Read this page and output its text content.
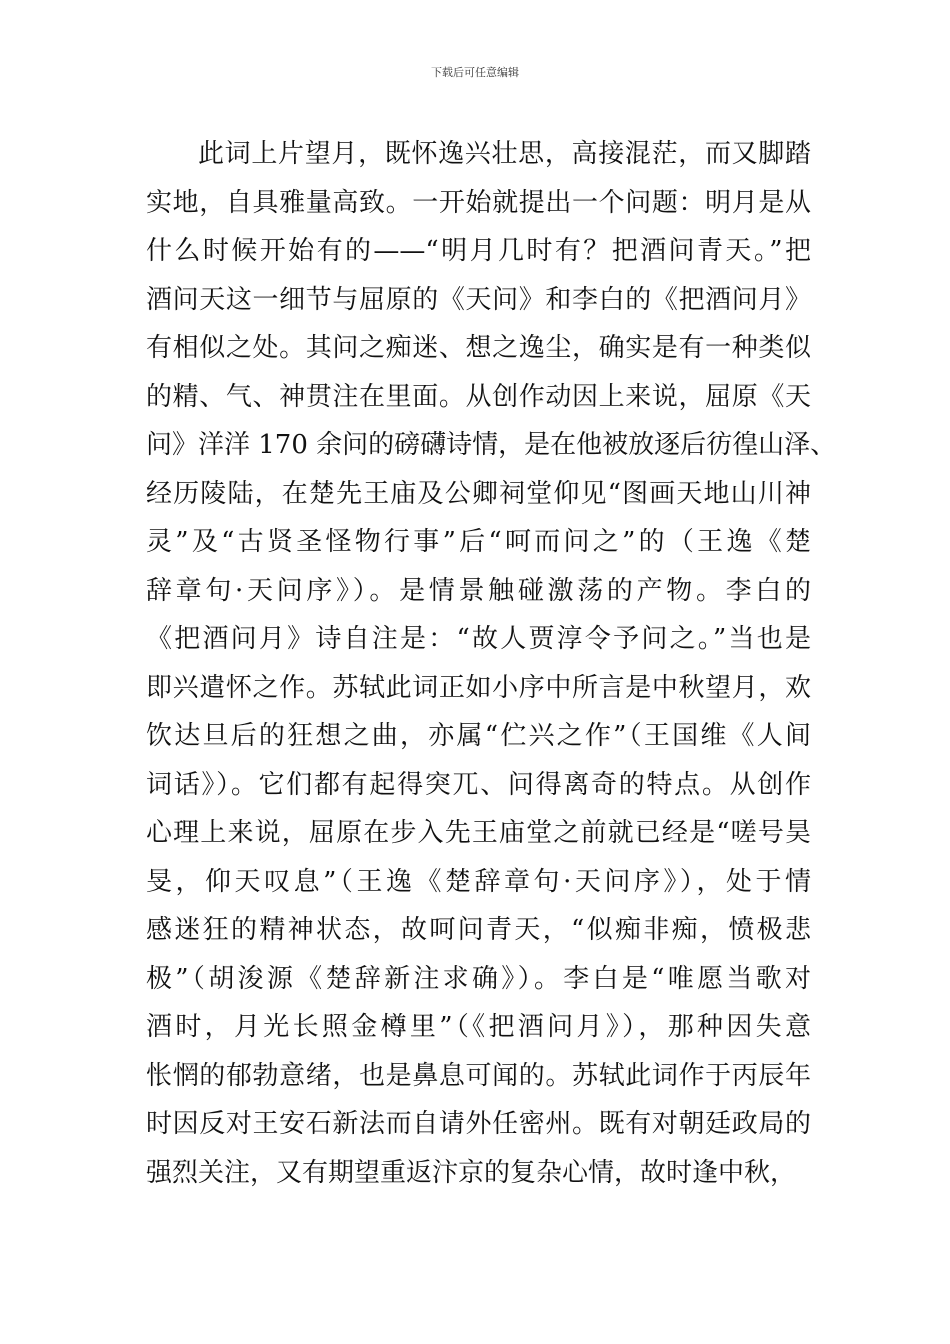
下载后可任意编辑
此词上片望月，既怀逸兴壮思，高接混茫，而又脚踏
实地，自具雅量高致。一开始就提出一个问题：明月是从
什么时候开始有的——“明月几时有？把酒问青天。”把
酒问天这一细节与屈原的《天问》和李白的《把酒问月》
有相似之处。其问之痴迷、想之逸尘，确实是有一种类似
的精、气、神贯注在里面。从创作动因上来说，屈原《天
问》洋洋 170 余问的磅礴诗情，是在他被放逐后彷徨山泽、
经历陵陆，在楚先王庙及公卿祠堂仰见“图画天地山川神
灵”及“古贤圣怪物行事”后“呵而问之”的（王逸《楚
辞章句·天问序》）。是情景触碰激荡的产物。李白的
《把酒问月》诗自注是：“故人贾淳令予问之。”当也是
即兴遣怀之作。苏轼此词正如小序中所言是中秋望月，欢
饮达旦后的狂想之曲，亦属“伫兴之作”（王国维《人间
词话》）。它们都有起得突兀、问得离奇的特点。从创作
心理上来说，屈原在步入先王庙堂之前就已经是“嗟号昊
旻，仰天叹息”（王逸《楚辞章句·天问序》），处于情
感迷狂的精神状态，故呵问青天，“似痴非痴，愤极悲
极”（胡浚源《楚辞新注求确》）。李白是“唯愿当歌对
酒时，月光长照金樽里”（《把酒问月》），那种因失意
怅惘的郁勃意绪，也是鼻息可闻的。苏轼此词作于丙辰年
时因反对王安石新法而自请外任密州。既有对朝廷政局的
强烈关注，又有期望重返汴京的复杂心情，故时逢中秋，
